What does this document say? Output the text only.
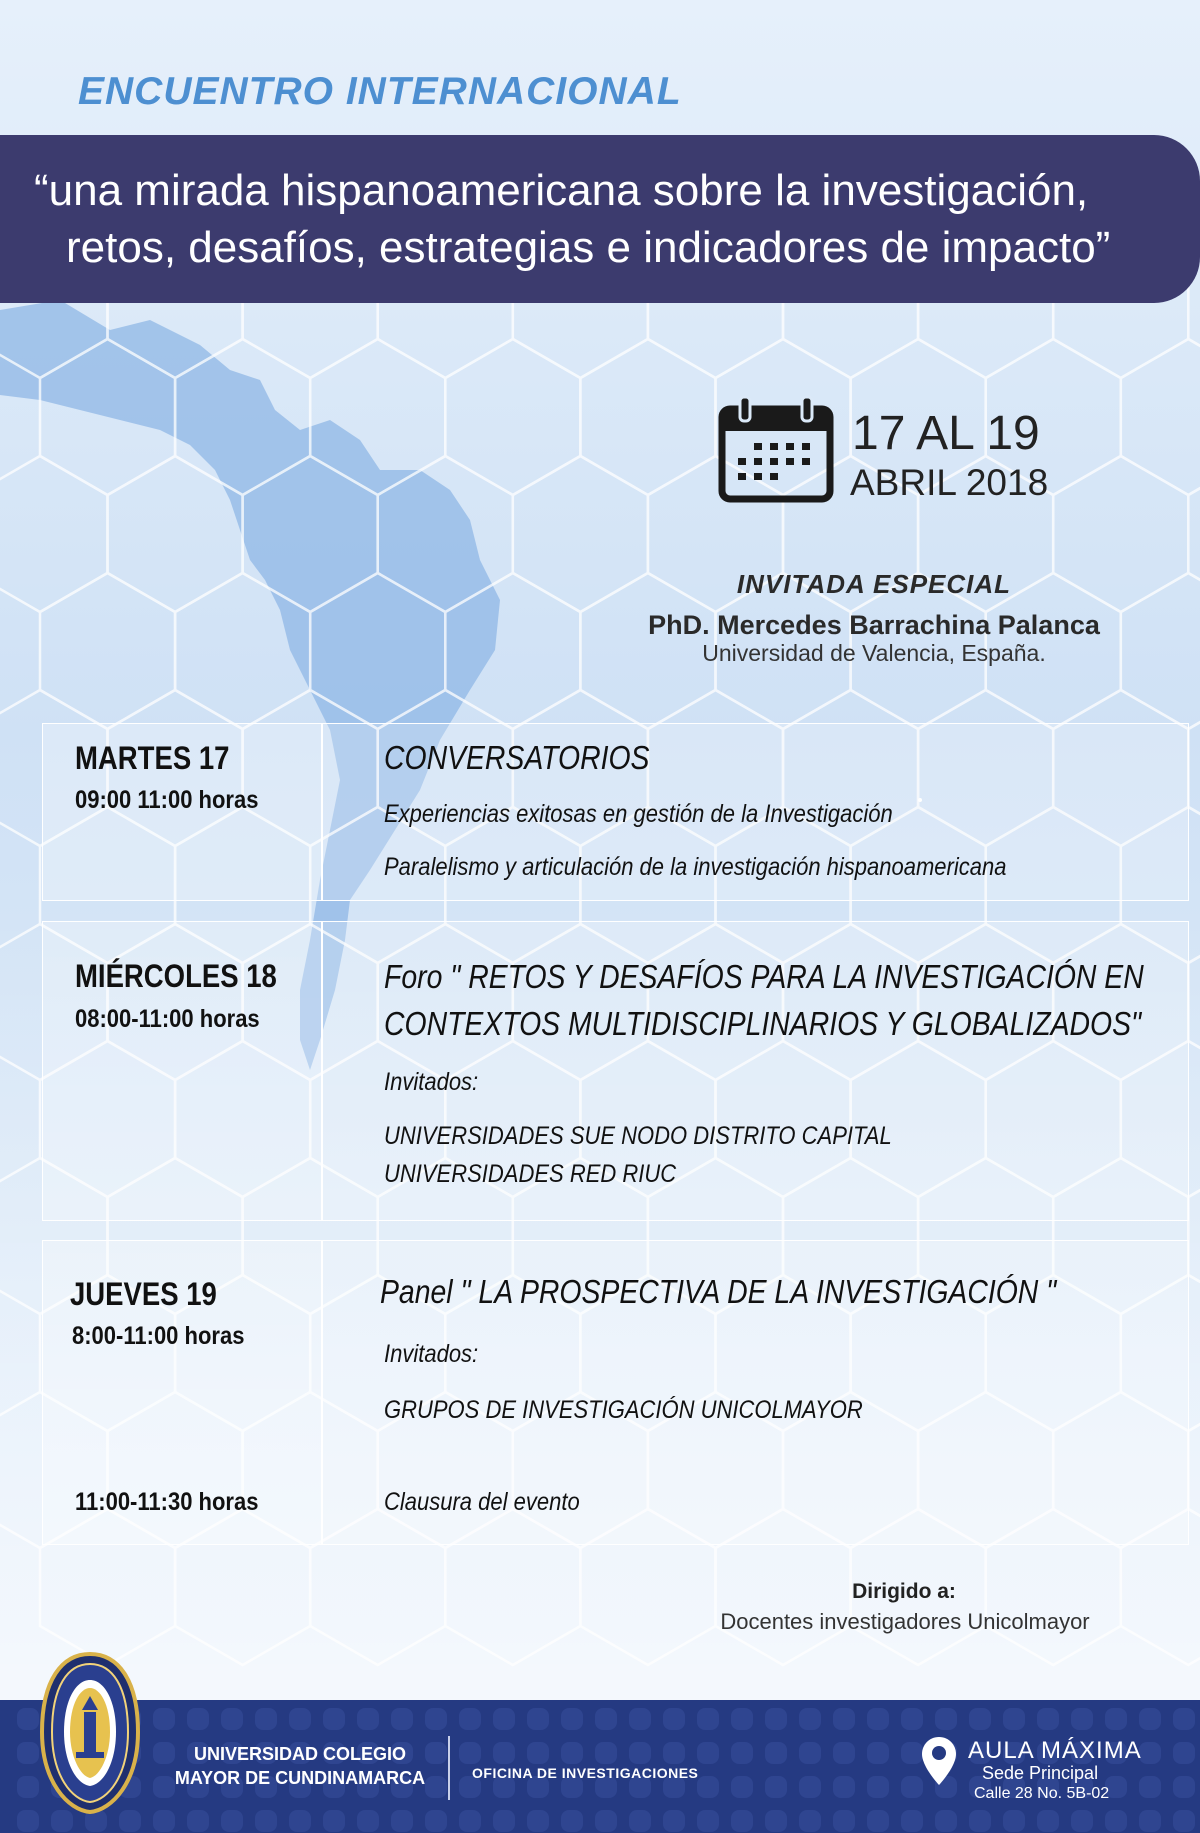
ENCUENTRO INTERNACIONAL
“una mirada hispanoamericana sobre la investigación,
retos, desafíos, estrategias e indicadores de impacto”
17 AL 19
ABRIL 2018
INVITADA ESPECIAL
PhD. Mercedes Barrachina Palanca
Universidad de Valencia, España.
MARTES 17
09:00 11:00 horas
CONVERSATORIOS
Experiencias exitosas en gestión de la Investigación
Paralelismo y articulación de la investigación hispanoamericana
MIÉRCOLES 18
08:00-11:00 horas
Foro " RETOS Y DESAFÍOS PARA LA INVESTIGACIÓN EN
CONTEXTOS MULTIDISCIPLINARIOS Y GLOBALIZADOS"
Invitados:
UNIVERSIDADES SUE NODO DISTRITO CAPITAL
UNIVERSIDADES RED RIUC
JUEVES 19
8:00-11:00 horas
Panel " LA PROSPECTIVA DE LA INVESTIGACIÓN "
Invitados:
GRUPOS DE INVESTIGACIÓN UNICOLMAYOR
11:00-11:30 horas	Clausura del evento
Dirigido a:
Docentes investigadores Unicolmayor
UNIVERSIDAD COLEGIO
MAYOR DE CUNDINAMARCA	OFICINA DE INVESTIGACIONES
AULA MÁXIMA
Sede Principal
Calle 28 No. 5B-02
